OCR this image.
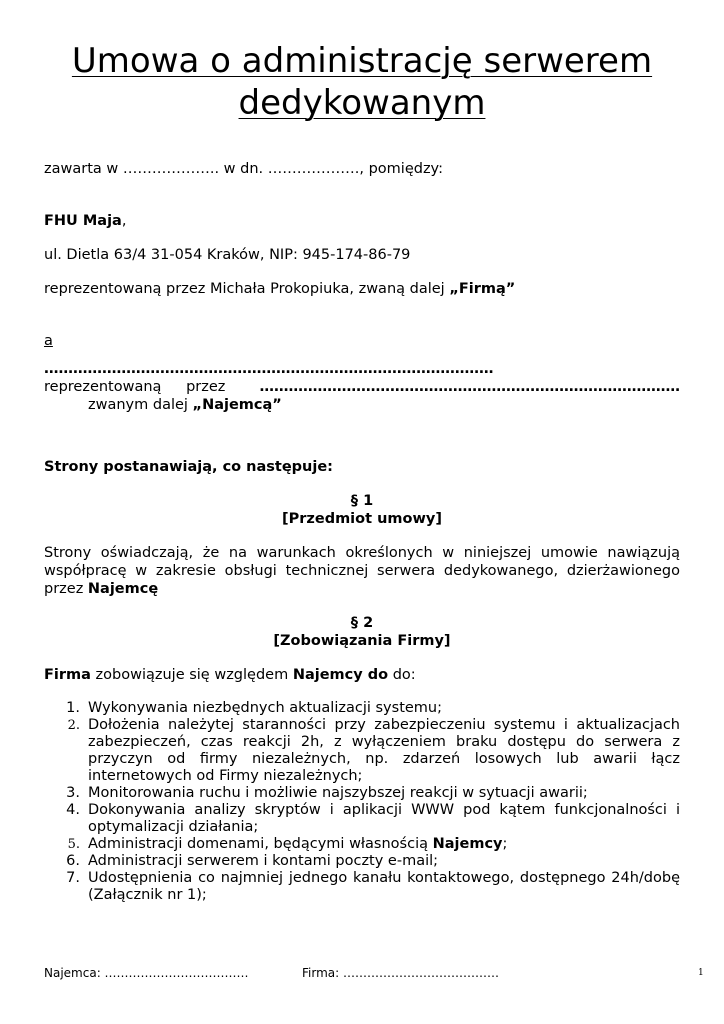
Umowa o administrację serwerem dedykowanym

zawarta w ……………….. w dn. ………………., pomiędzy:

FHU Maja,

ul. Dietla 63/4 31-054 Kraków, NIP: 945-174-86-79

reprezentowaną przez Michała Prokopiuka, zwaną dalej „Firmą”

a

…………………………………………………………………………………

reprezentowaną przez	……………………………………………………………………………

zwanym dalej „Najemcą”

Strony postanawiają, co następuje:

§ 1

[Przedmiot umowy]

Strony oświadczają, że na warunkach określonych w niniejszej umowie nawiązują współpracę w zakresie obsługi technicznej serwera dedykowanego, dzierżawionego przez Najemcę

§ 2

[Zobowiązania Firmy]

Firma zobowiązuje się względem Najemcy do do:

1. Wykonywania niezbędnych aktualizacji systemu;
2. Dołożenia należytej staranności przy zabezpieczeniu systemu i aktualizacjach zabezpieczeń, czas reakcji 2h, z wyłączeniem braku dostępu do serwera z przyczyn od firmy niezależnych, np. zdarzeń losowych lub awarii łącz internetowych od Firmy niezależnych;
3. Monitorowania ruchu i możliwie najszybszej reakcji w sytuacji awarii;
4. Dokonywania analizy skryptów i aplikacji WWW pod kątem funkcjonalności i optymalizacji działania;
5. Administracji domenami, będącymi własnością Najemcy;
6. Administracji serwerem i kontami poczty e-mail;
7. Udostępnienia co najmniej jednego kanału kontaktowego, dostępnego 24h/dobę (Załącznik nr 1);
Najemca: ………………………………	Firma: …………………………………	1
